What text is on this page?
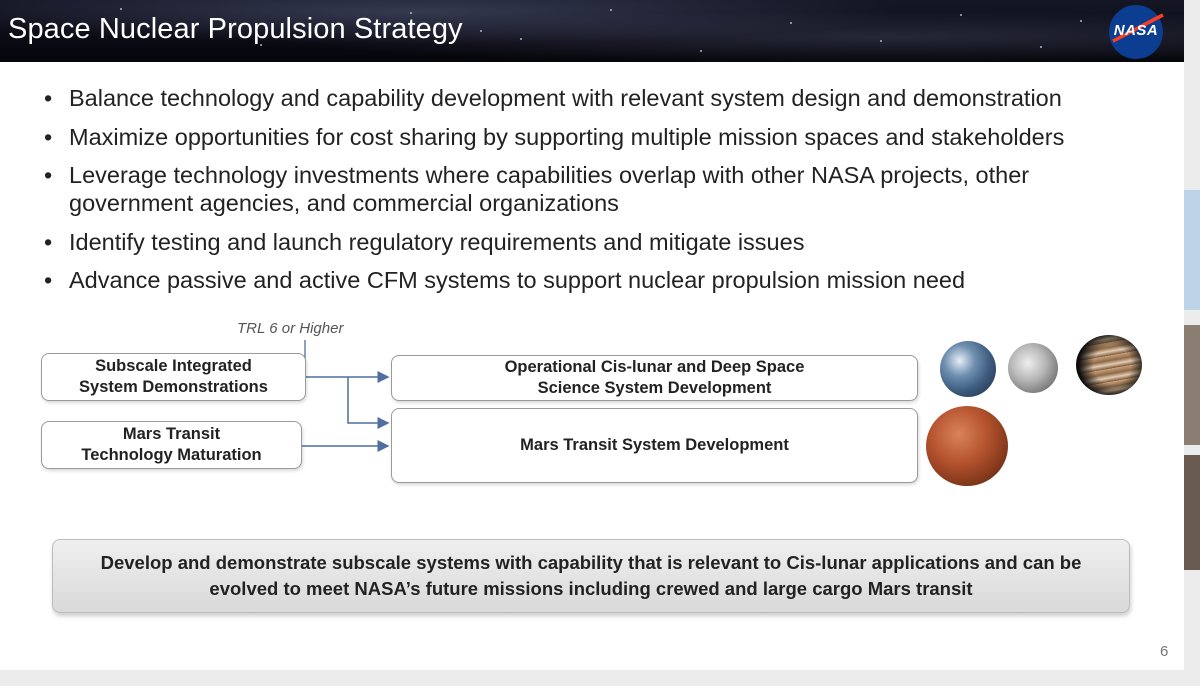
Space Nuclear Propulsion Strategy	NASA
• Balance technology and capability development with relevant system design and demonstration
• Maximize opportunities for cost sharing by supporting multiple mission spaces and stakeholders
• Leverage technology investments where capabilities overlap with other NASA projects, other government agencies, and commercial organizations
• Identify testing and launch regulatory requirements and mitigate issues
• Advance passive and active CFM systems to support nuclear propulsion mission need
TRL 6 or Higher
Subscale Integrated
System Demonstrations
Mars Transit
Technology Maturation
Operational Cis-lunar and Deep Space
Science System Development
Mars Transit System Development
Develop and demonstrate subscale systems with capability that is relevant to Cis-lunar applications and can be
evolved to meet NASA’s future missions including crewed and large cargo Mars transit
6
